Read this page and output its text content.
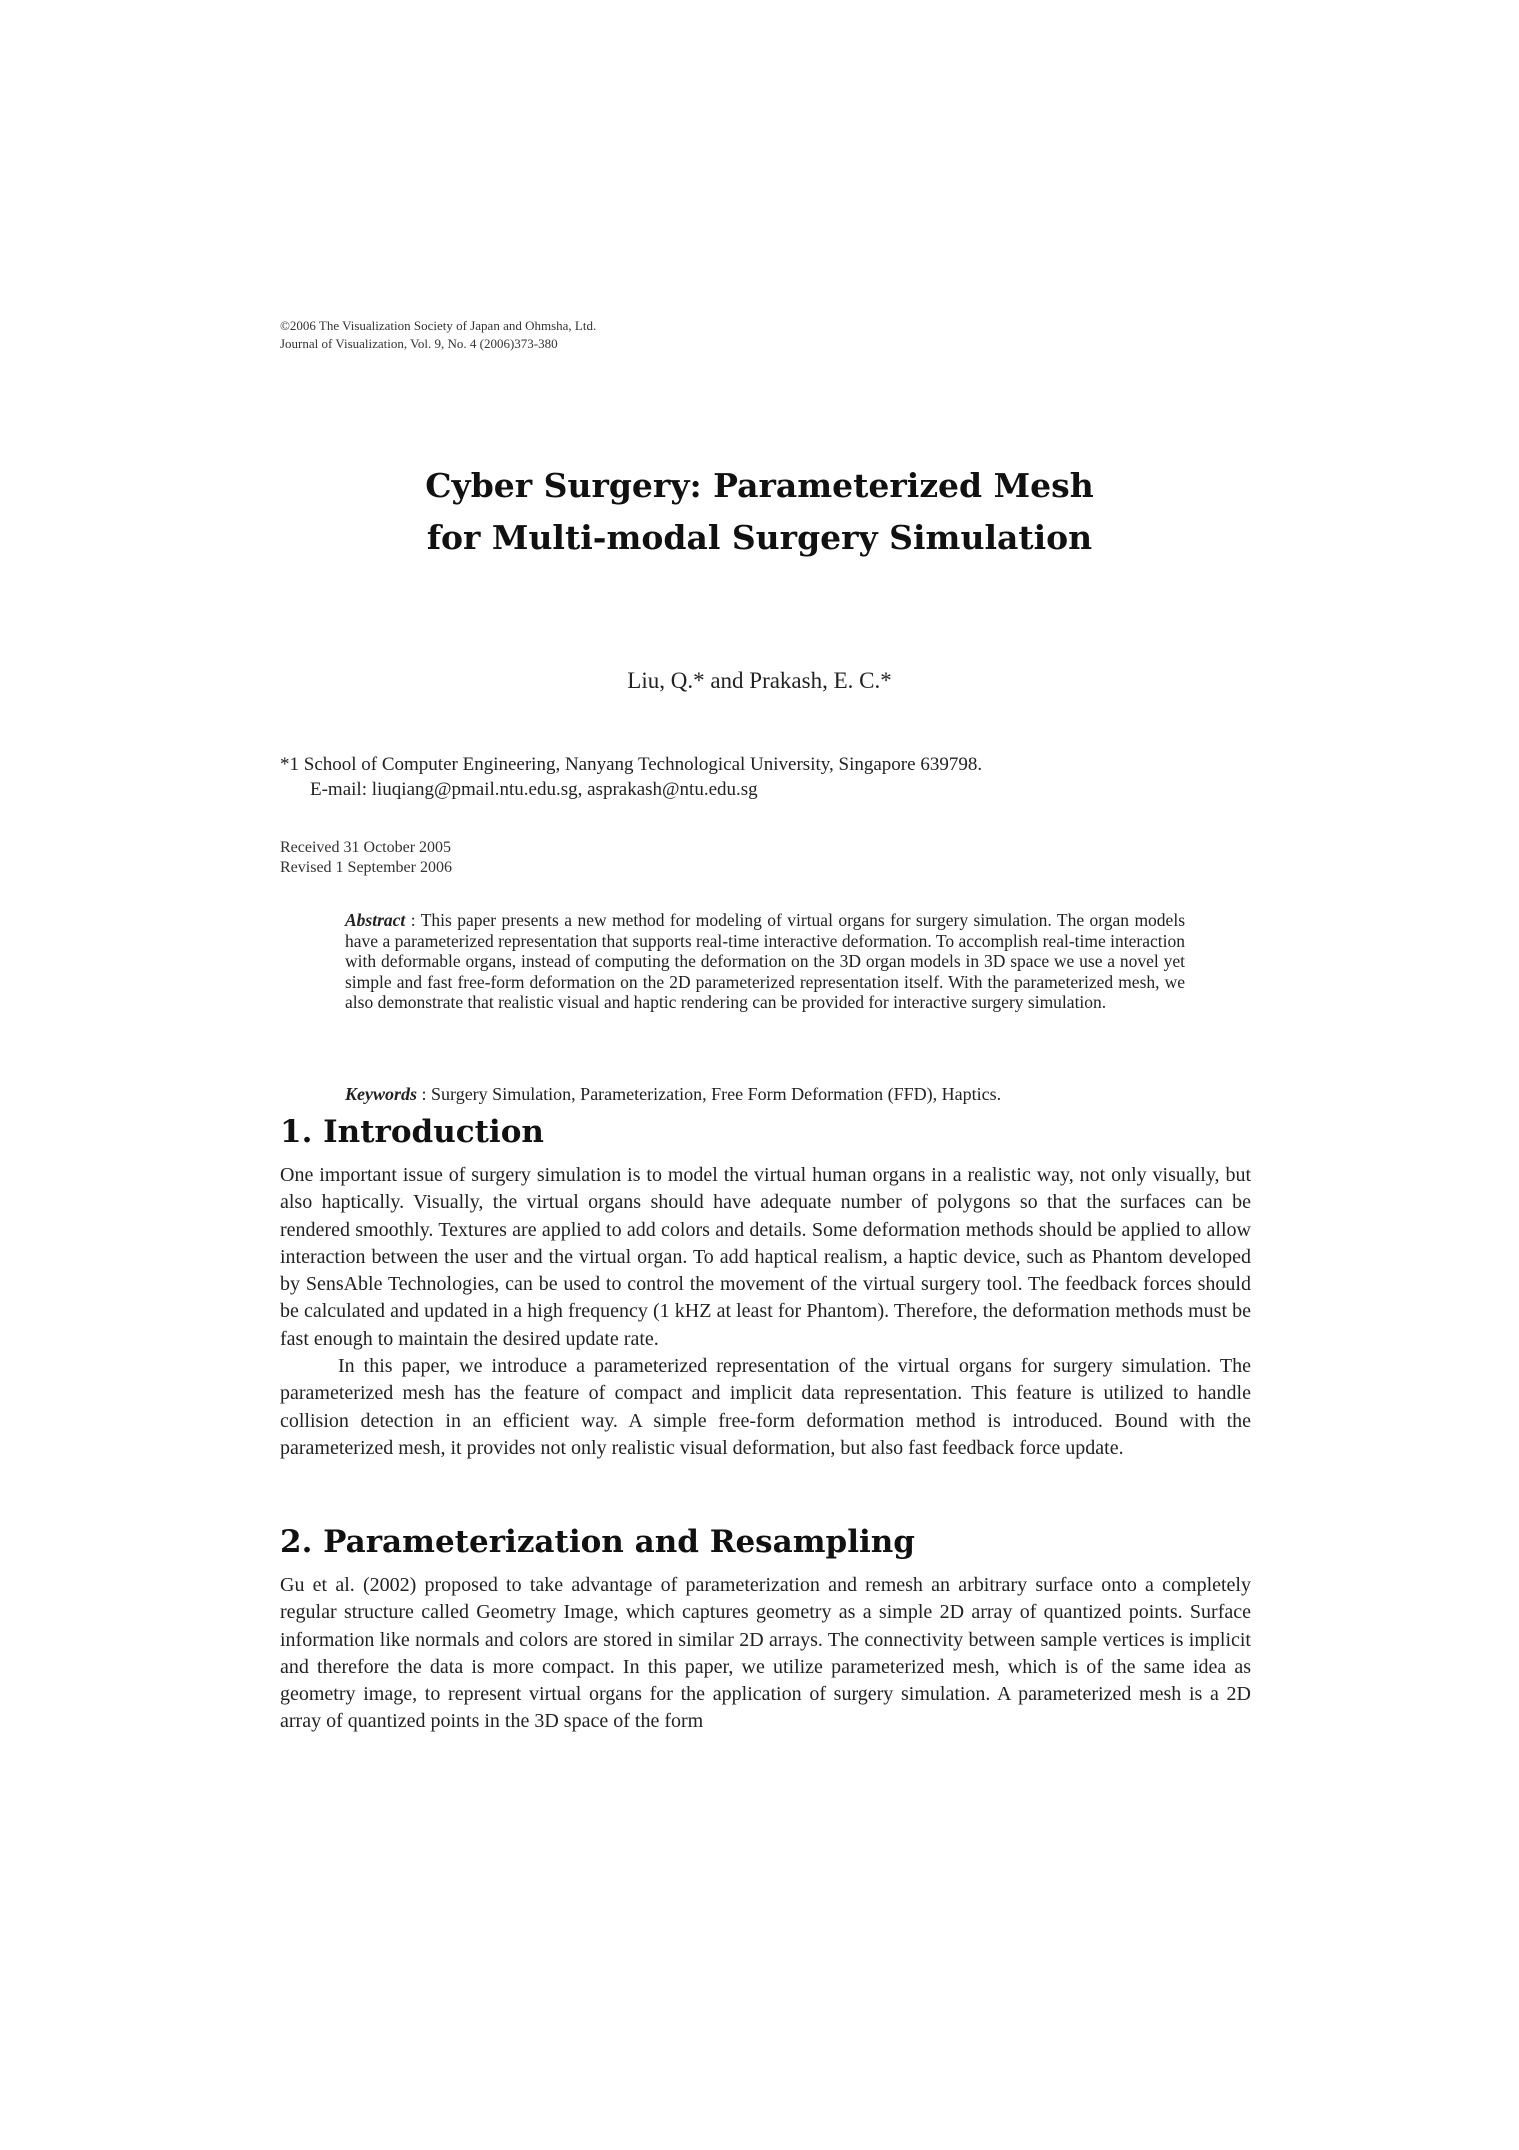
©2006 The Visualization Society of Japan and Ohmsha, Ltd.
Journal of Visualization, Vol. 9, No. 4 (2006)373-380
Cyber Surgery: Parameterized Mesh
for Multi-modal Surgery Simulation
Liu, Q.* and Prakash, E. C.*
*1 School of Computer Engineering, Nanyang Technological University, Singapore 639798.
E-mail: liuqiang@pmail.ntu.edu.sg, asprakash@ntu.edu.sg
Received 31 October 2005
Revised 1 September 2006
Abstract : This paper presents a new method for modeling of virtual organs for surgery simulation. The organ models have a parameterized representation that supports real-time interactive deformation. To accomplish real-time interaction with deformable organs, instead of computing the deformation on the 3D organ models in 3D space we use a novel yet simple and fast free-form deformation on the 2D parameterized representation itself. With the parameterized mesh, we also demonstrate that realistic visual and haptic rendering can be provided for interactive surgery simulation.
Keywords : Surgery Simulation, Parameterization, Free Form Deformation (FFD), Haptics.
1. Introduction

One important issue of surgery simulation is to model the virtual human organs in a realistic way, not only visually, but also haptically. Visually, the virtual organs should have adequate number of polygons so that the surfaces can be rendered smoothly. Textures are applied to add colors and details. Some deformation methods should be applied to allow interaction between the user and the virtual organ. To add haptical realism, a haptic device, such as Phantom developed by SensAble Technologies, can be used to control the movement of the virtual surgery tool. The feedback forces should be calculated and updated in a high frequency (1 kHZ at least for Phantom). Therefore, the deformation methods must be fast enough to maintain the desired update rate.

In this paper, we introduce a parameterized representation of the virtual organs for surgery simulation. The parameterized mesh has the feature of compact and implicit data representation. This feature is utilized to handle collision detection in an efficient way. A simple free-form deformation method is introduced. Bound with the parameterized mesh, it provides not only realistic visual deformation, but also fast feedback force update.

2. Parameterization and Resampling

Gu et al. (2002) proposed to take advantage of parameterization and remesh an arbitrary surface onto a completely regular structure called Geometry Image, which captures geometry as a simple 2D array of quantized points. Surface information like normals and colors are stored in similar 2D arrays. The connectivity between sample vertices is implicit and therefore the data is more compact. In this paper, we utilize parameterized mesh, which is of the same idea as geometry image, to represent virtual organs for the application of surgery simulation. A parameterized mesh is a 2D array of quantized points in the 3D space of the form
